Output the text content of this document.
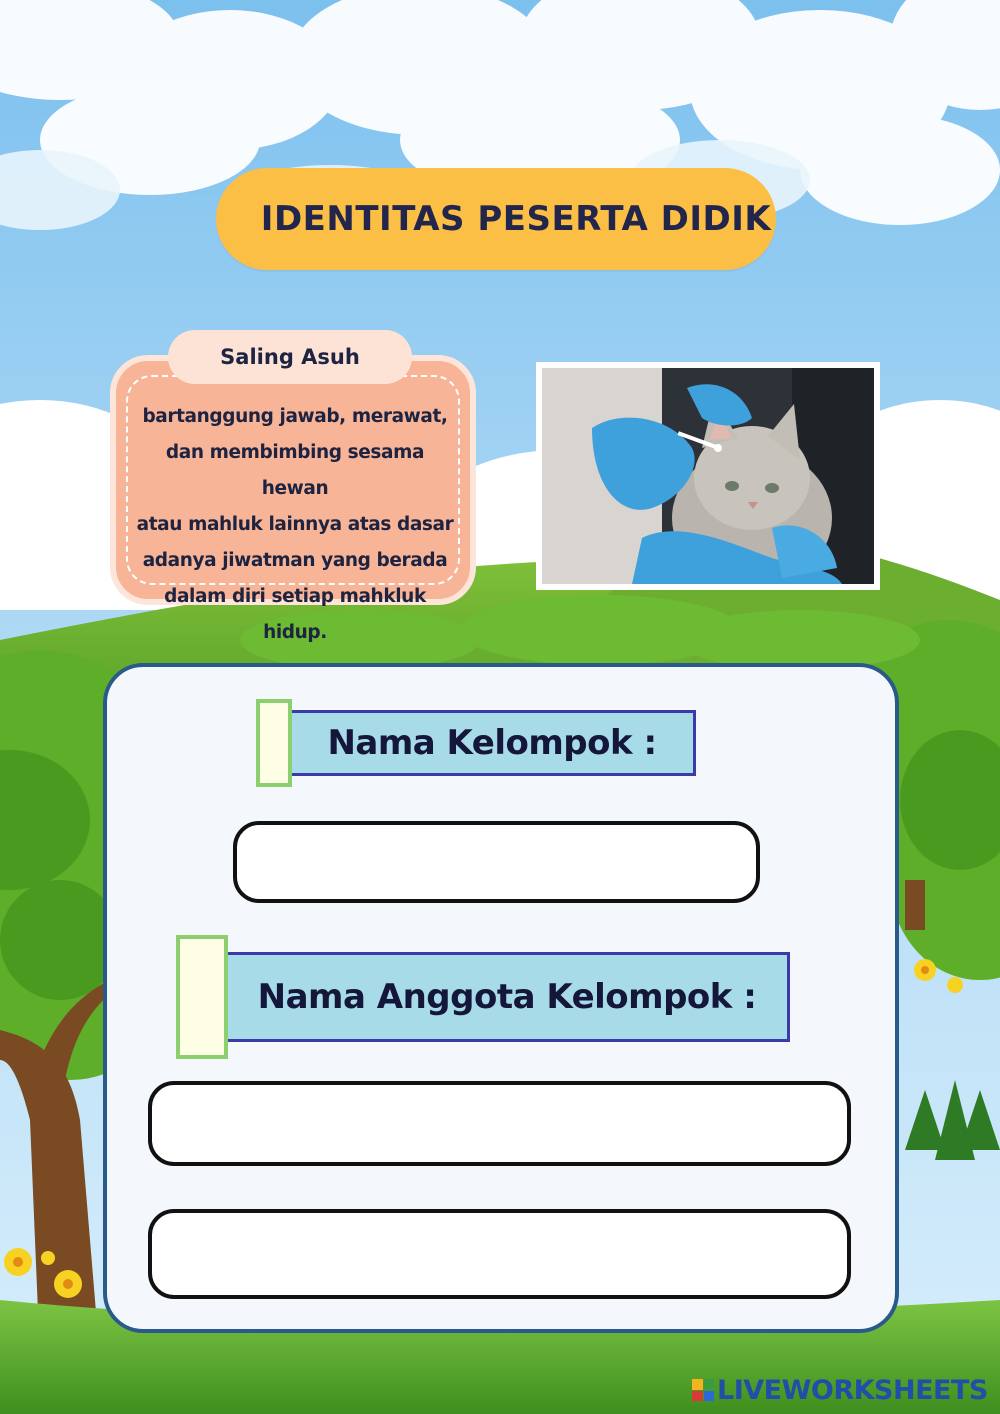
IDENTITAS PESERTA DIDIK
bartanggung jawab, merawat,
dan membimbing sesama hewan
atau mahluk lainnya atas dasar
adanya jiwatman yang berada
dalam diri setiap mahkluk hidup.
Saling Asuh
Nama Kelompok :
Nama Anggota Kelompok :
LIVEWORKSHEETS
